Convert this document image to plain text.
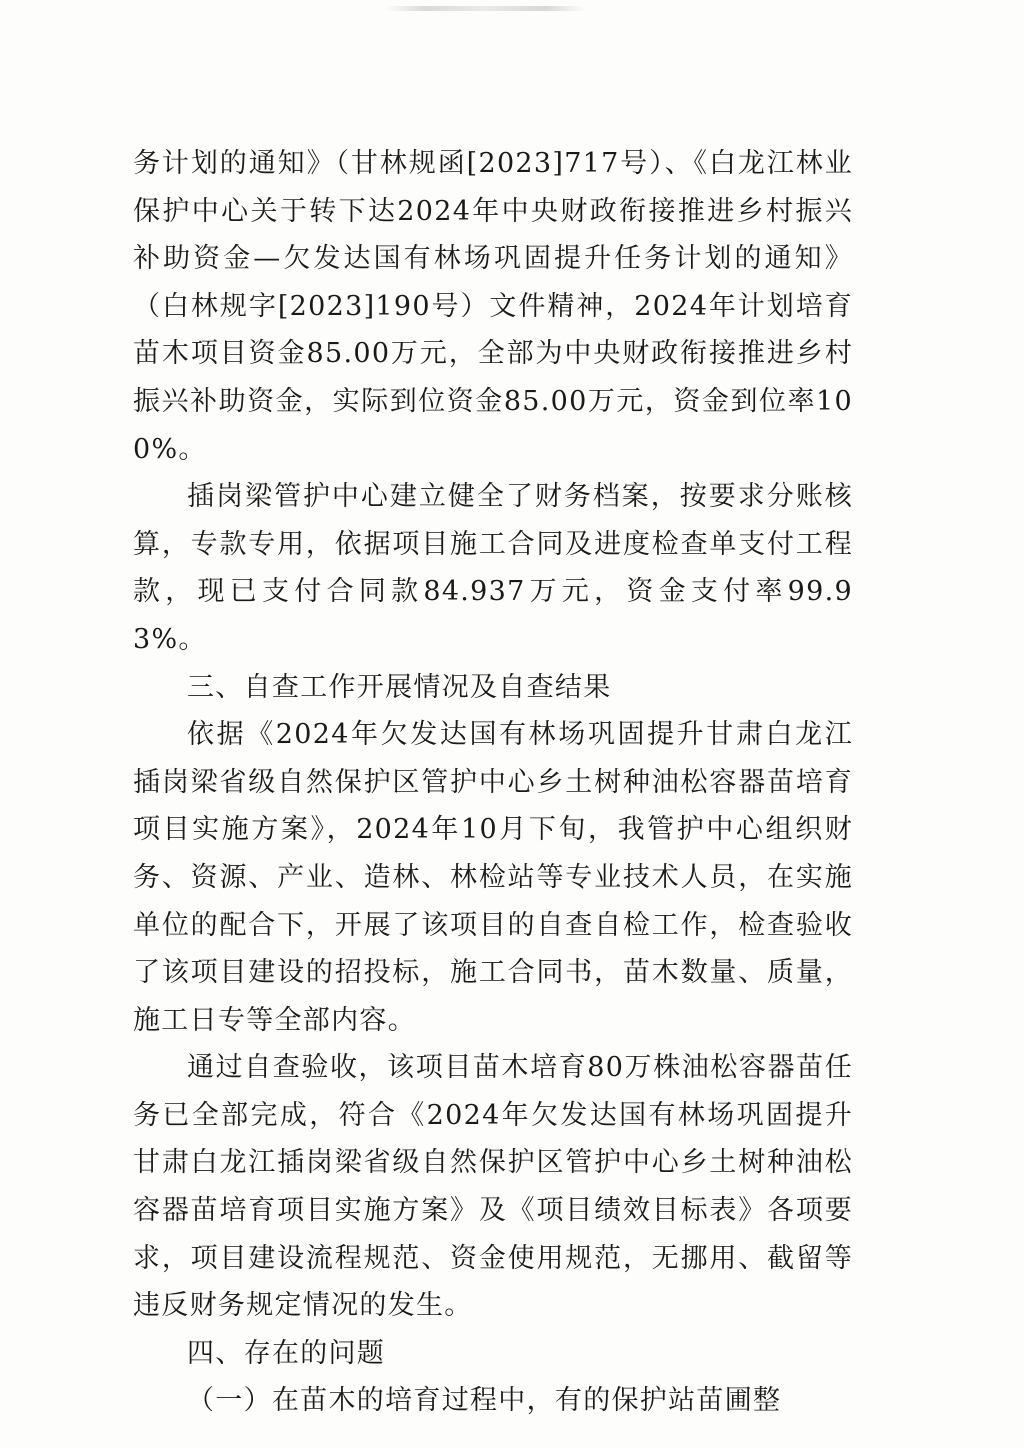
务计划的通知》（甘林规函[2023]717号）、《白龙江林业保护中心关于转下达2024年中央财政衔接推进乡村振兴补助资金—欠发达国有林场巩固提升任务计划的通知》（白林规字[2023]190号）文件精神，2024年计划培育苗木项目资金85.00万元，全部为中央财政衔接推进乡村振兴补助资金，实际到位资金85.00万元，资金到位率100%。

插岗梁管护中心建立健全了财务档案，按要求分账核算，专款专用，依据项目施工合同及进度检查单支付工程款，现已支付合同款84.937万元，资金支付率99.93%。

三、自查工作开展情况及自查结果

依据《2024年欠发达国有林场巩固提升甘肃白龙江插岗梁省级自然保护区管护中心乡土树种油松容器苗培育项目实施方案》，2024年10月下旬，我管护中心组织财务、资源、产业、造林、林检站等专业技术人员，在实施单位的配合下，开展了该项目的自查自检工作，检查验收了该项目建设的招投标，施工合同书，苗木数量、质量，施工日专等全部内容。

通过自查验收，该项目苗木培育80万株油松容器苗任务已全部完成，符合《2024年欠发达国有林场巩固提升甘肃白龙江插岗梁省级自然保护区管护中心乡土树种油松容器苗培育项目实施方案》及《项目绩效目标表》各项要求，项目建设流程规范、资金使用规范，无挪用、截留等违反财务规定情况的发生。

四、存在的问题

（一）在苗木的培育过程中，有的保护站苗圃整
